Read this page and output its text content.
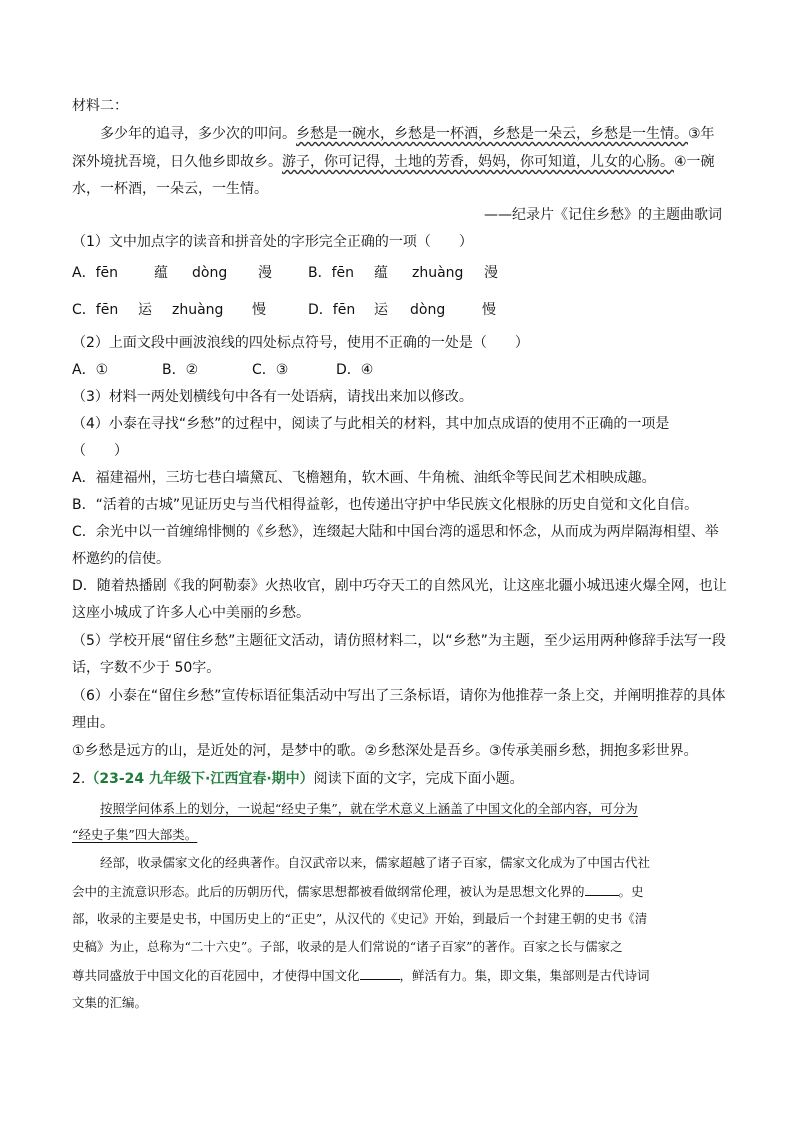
材料二：
多少年的追寻，多少次的叩问。乡愁是一碗水，乡愁是一杯酒，乡愁是一朵云，乡愁是一生情。③年
深外境扰吾境，日久他乡即故乡。游子，你可记得，土地的芳香，妈妈，你可知道，儿女的心肠。④一碗
水，一杯酒，一朵云，一生情。
——纪录片《记住乡愁》的主题曲歌词
（1）文中加点字的读音和拼音处的字形完全正确的一项（　　）
A．fēn	蕴	dòng	漫	B．fēn	蕴	zhuàng	漫
C．fēn	运	zhuàng	慢	D．fēn	运	dòng	慢
（2）上面文段中画波浪线的四处标点符号，使用不正确的一处是（　　）
A．①	B．②	C．③	D．④
（3）材料一两处划横线句中各有一处语病，请找出来加以修改。
（4）小泰在寻找“乡愁”的过程中，阅读了与此相关的材料，其中加点成语的使用不正确的一项是
（　　）
A．福建福州，三坊七巷白墙黛瓦、飞檐翘角，软木画、牛角梳、油纸伞等民间艺术相映成趣。
B．“活着的古城”见证历史与当代相得益彰，也传递出守护中华民族文化根脉的历史自觉和文化自信。
C．余光中以一首缠绵悱恻的《乡愁》，连缀起大陆和中国台湾的遥思和怀念，从而成为两岸隔海相望、举
杯邀约的信使。
D．随着热播剧《我的阿勒泰》火热收官，剧中巧夺天工的自然风光，让这座北疆小城迅速火爆全网，也让
这座小城成了许多人心中美丽的乡愁。
（5）学校开展“留住乡愁”主题征文活动，请仿照材料二，以“乡愁”为主题，至少运用两种修辞手法写一段
话，字数不少于 50字。
（6）小泰在“留住乡愁”宣传标语征集活动中写出了三条标语，请你为他推荐一条上交，并阐明推荐的具体
理由。
①乡愁是远方的山，是近处的河，是梦中的歌。②乡愁深处是吾乡。③传承美丽乡愁，拥抱多彩世界。
2.（23-24 九年级下·江西宜春·期中）阅读下面的文字，完成下面小题。
按照学问体系上的划分，一说起“经史子集”，就在学术意义上涵盖了中国文化的全部内容，可分为
“经史子集”四大部类。
经部，收录儒家文化的经典著作。自汉武帝以来，儒家超越了诸子百家，儒家文化成为了中国古代社
会中的主流意识形态。此后的历朝历代，儒家思想都被看做纲常伦理，被认为是思想文化界的	。史
部，收录的主要是史书，中国历史上的“正史”，从汉代的《史记》开始，到最后一个封建王朝的史书《清
史稿》为止，总称为“二十六史”。子部，收录的是人们常说的“诸子百家”的著作。百家之长与儒家之
尊共同盛放于中国文化的百花园中，才使得中国文化	，鲜活有力。集，即文集，集部则是古代诗词
文集的汇编。
